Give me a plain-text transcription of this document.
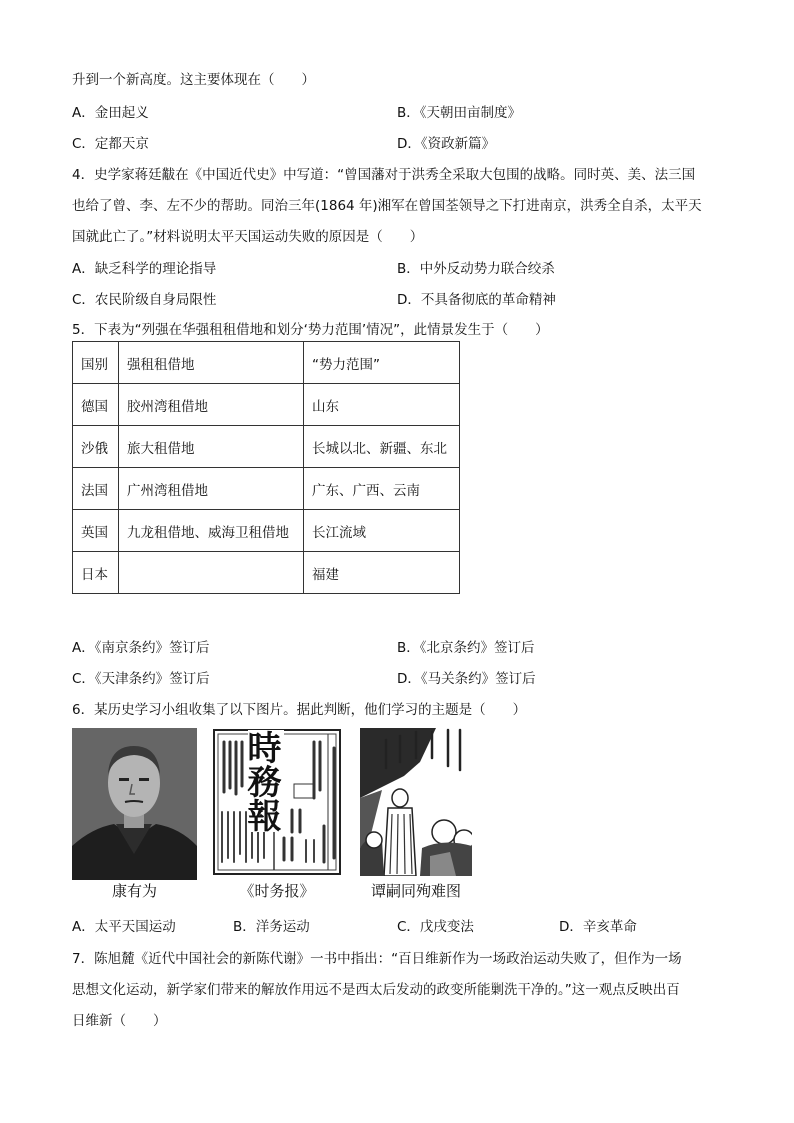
升到一个新高度。这主要体现在（　　）
A．金田起义	B．《天朝田亩制度》
C．定都天京	D．《资政新篇》
4．史学家蒋廷黻在《中国近代史》中写道：“曾国藩对于洪秀全采取大包围的战略。同时英、美、法三国
也给了曾、李、左不少的帮助。同治三年(1864 年)湘军在曾国荃领导之下打进南京，洪秀全自杀，太平天
国就此亡了。”材料说明太平天国运动失败的原因是（　　）
A．缺乏科学的理论指导	B．中外反动势力联合绞杀
C．农民阶级自身局限性	D．不具备彻底的革命精神
5．下表为“列强在华强租租借地和划分‘势力范围’情况”，此情景发生于（　　）
国别	强租租借地	“势力范围”
德国	胶州湾租借地	山东
沙俄	旅大租借地	长城以北、新疆、东北
法国	广州湾租借地	广东、广西、云南
英国	九龙租借地、威海卫租借地	长江流域
日本		福建
A．《南京条约》签订后	B．《北京条约》签订后
C．《天津条约》签订后	D．《马关条约》签订后
6．某历史学习小组收集了以下图片。据此判断，他们学习的主题是（　　）
時務報
康有为	《时务报》	谭嗣同殉难图
A．太平天国运动	B．洋务运动	C．戊戌变法	D．辛亥革命
7．陈旭麓《近代中国社会的新陈代谢》一书中指出：“百日维新作为一场政治运动失败了，但作为一场
思想文化运动，新学家们带来的解放作用远不是西太后发动的政变所能剿洗干净的。”这一观点反映出百
日维新（　　）
